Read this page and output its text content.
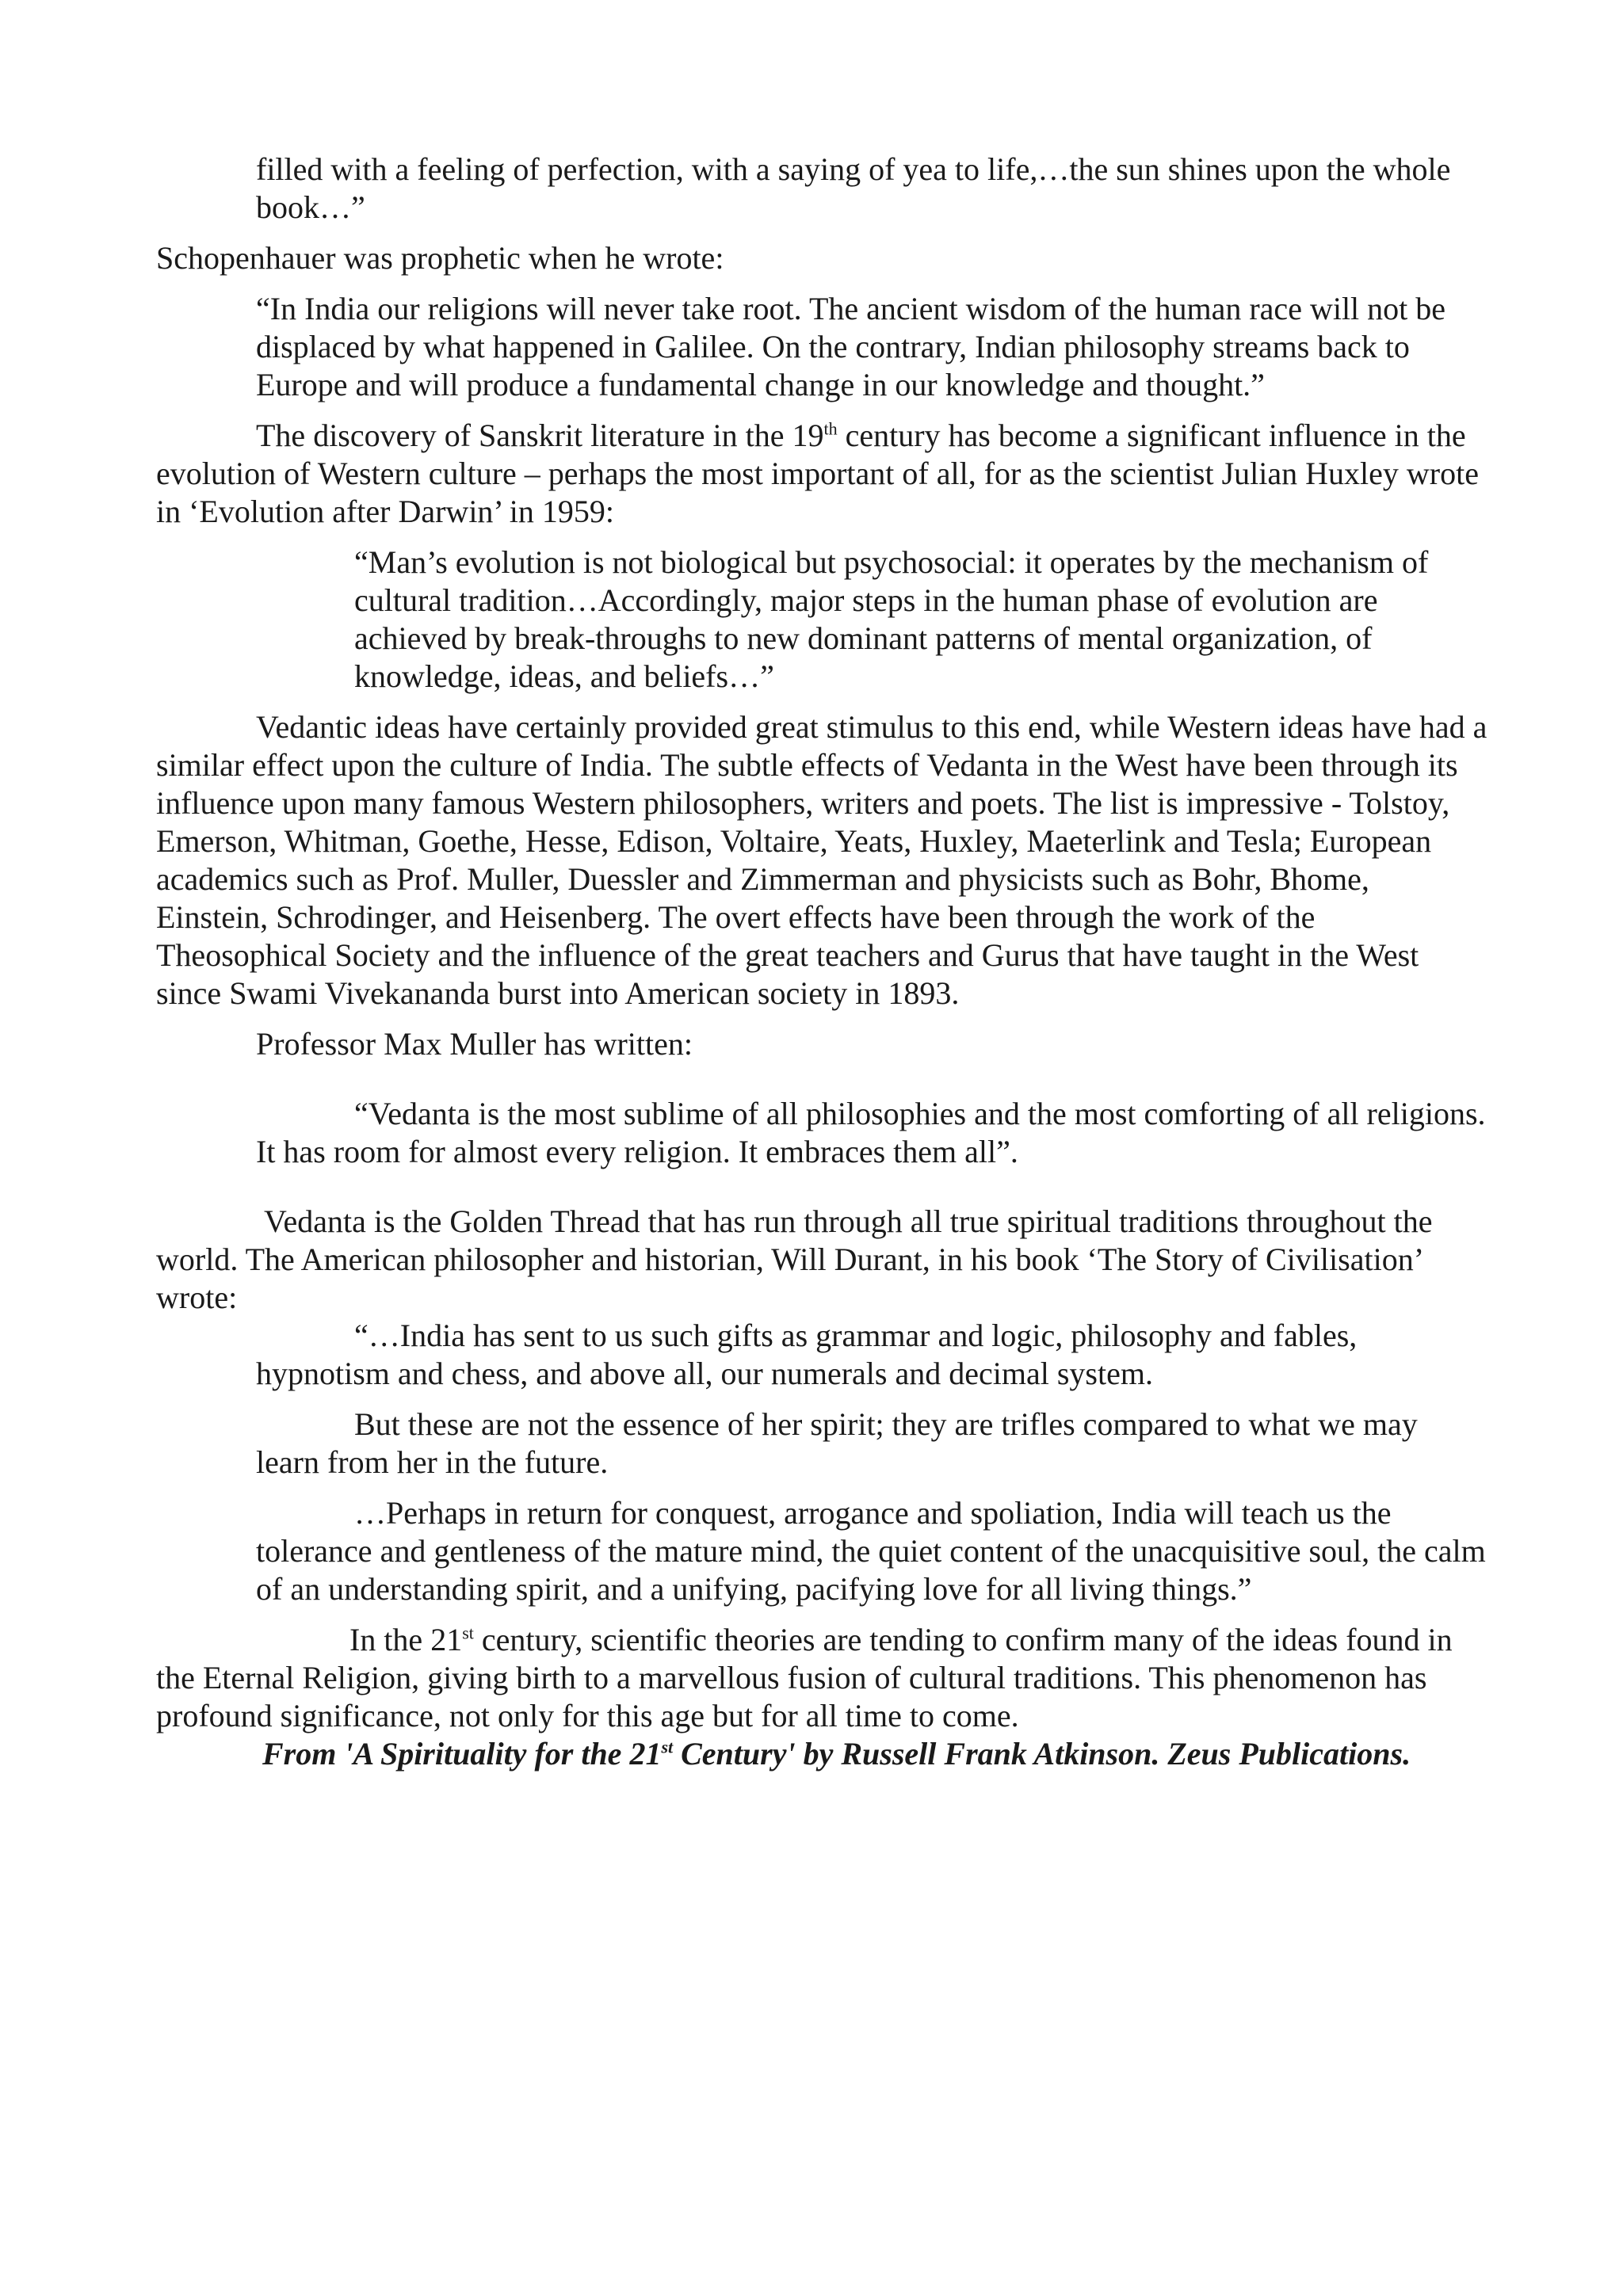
filled with a feeling of perfection, with a saying of yea to life,…the sun shines upon the whole book…”

Schopenhauer was prophetic when he wrote:

“In India our religions will never take root. The ancient wisdom of the human race will not be displaced by what happened in Galilee. On the contrary, Indian philosophy streams back to Europe and will produce a fundamental change in our knowledge and thought.”

The discovery of Sanskrit literature in the 19th century has become a significant influence in the evolution of Western culture – perhaps the most important of all, for as the scientist Julian Huxley wrote in ‘Evolution after Darwin’ in 1959:

“Man’s evolution is not biological but psychosocial: it operates by the mechanism of cultural tradition…Accordingly, major steps in the human phase of evolution are achieved by break-throughs to new dominant patterns of mental organization, of knowledge, ideas, and beliefs…”

Vedantic ideas have certainly provided great stimulus to this end, while Western ideas have had a similar effect upon the culture of India. The subtle effects of Vedanta in the West have been through its influence upon many famous Western philosophers, writers and poets. The list is impressive - Tolstoy, Emerson, Whitman, Goethe, Hesse, Edison, Voltaire, Yeats, Huxley, Maeterlink and Tesla; European academics such as Prof. Muller, Duessler and Zimmerman and physicists such as Bohr, Bhome, Einstein, Schrodinger, and Heisenberg. The overt effects have been through the work of the Theosophical Society and the influence of the great teachers and Gurus that have taught in the West since Swami Vivekananda burst into American society in 1893.

Professor Max Muller has written:

“Vedanta is the most sublime of all philosophies and the most comforting of all religions. It has room for almost every religion. It embraces them all”.

Vedanta is the Golden Thread that has run through all true spiritual traditions throughout the world. The American philosopher and historian, Will Durant, in his book ‘The Story of Civilisation’ wrote:

“…India has sent to us such gifts as grammar and logic, philosophy and fables, hypnotism and chess, and above all, our numerals and decimal system.

But these are not the essence of her spirit; they are trifles compared to what we may learn from her in the future.

…Perhaps in return for conquest, arrogance and spoliation, India will teach us the tolerance and gentleness of the mature mind, the quiet content of the unacquisitive soul, the calm of an understanding spirit, and a unifying, pacifying love for all living things.”

In the 21st century, scientific theories are tending to confirm many of the ideas found in the Eternal Religion, giving birth to a marvellous fusion of cultural traditions. This phenomenon has profound significance, not only for this age but for all time to come.

From 'A Spirituality for the 21st Century' by Russell Frank Atkinson. Zeus Publications.
